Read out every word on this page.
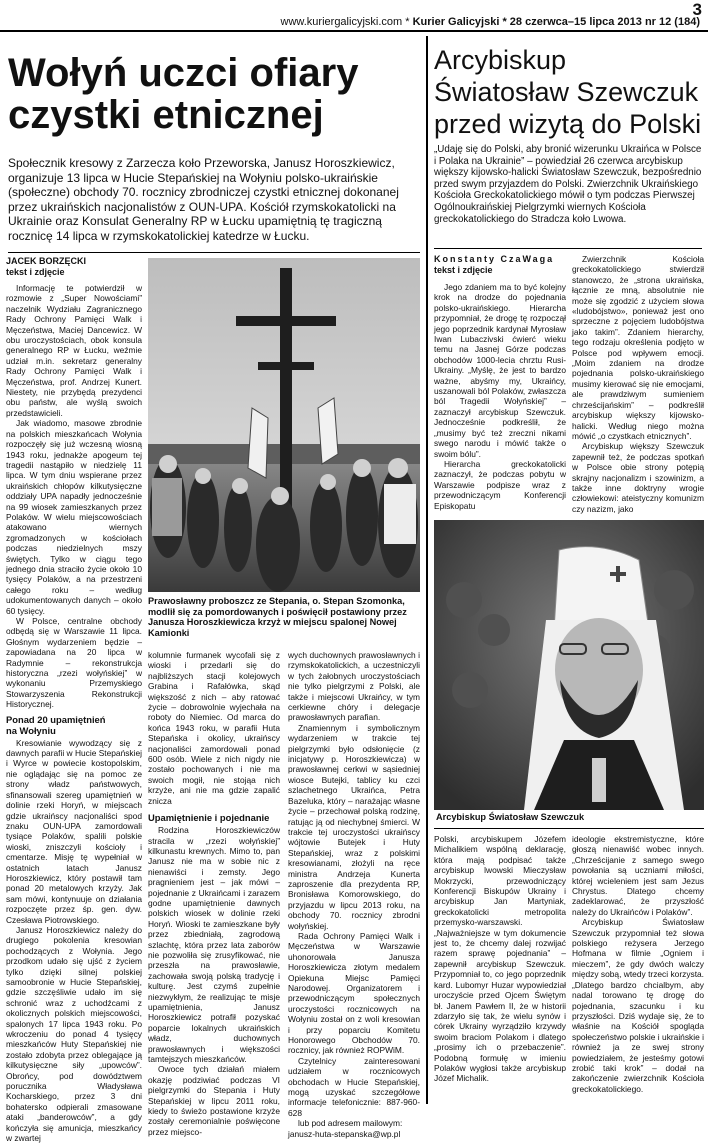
3
www.kuriergalicyjski.com * Kurier Galicyjski * 28 czerwca–15 lipca 2013 nr 12 (184)
Wołyń uczci ofiary
czystki etnicznej
Społecznik kresowy z Zarzecza koło Przeworska, Janusz Horoszkiewicz, organizuje 13 lipca w Hucie Stepańskiej na Wołyniu polsko-ukraińskie (społeczne) obchody 70. rocznicy zbrodniczej czystki etnicznej dokonanej przez ukraińskich nacjonalistów z OUN-UPA. Kościół rzymskokatolicki na Ukrainie oraz Konsulat Generalny RP w Łucku upamiętnią tę tragiczną rocznicę 14 lipca w rzymskokatolickiej katedrze w Łucku.
JACEK BORZĘCKI
tekst i zdjęcie

Informację te potwierdził w rozmowie z „Super Nowościami” naczelnik Wydziału Zagranicznego Rady Ochrony Pamięci Walk i Męczeństwa, Maciej Dancewicz. W obu uroczystościach, obok konsula generalnego RP w Łucku, weźmie udział m.in. sekretarz generalny Rady Ochrony Pamięci Walk i Męczeństwa, prof. Andrzej Kunert. Niestety, nie przybędą prezydenci obu państw, ale wyślą swoich przedstawicieli.

Jak wiadomo, masowe zbrodnie na polskich mieszkańcach Wołynia rozpoczęły się już wczesną wiosną 1943 roku, jednakże apogeum tej tragedii nastąpiło w niedzielę 11 lipca. W tym dniu wspierane przez ukraińskich chłopów kilkutysięczne oddziały UPA napadły jednocześnie na 99 wiosek zamieszkanych przez Polaków. W wielu miejscowościach atakowano wiernych zgromadzonych w kościołach podczas niedzielnych mszy świętych. Tylko w ciągu tego jednego dnia straciło życie około 10 tysięcy Polaków, a na przestrzeni całego roku – według udokumentowanych danych – około 60 tysięcy.

W Polsce, centralne obchody odbędą się w Warszawie 11 lipca. Głośnym wydarzeniem będzie – zapowiadana na 20 lipca w Radymnie – rekonstrukcja historyczna „rzezi wołyńskiej” w wykonaniu Przemyskiego Stowarzyszenia Rekonstrukcji Historycznej.

Ponad 20 upamiętnień
na Wołyniu

Kresowianie wywodzący się z dawnych parafii w Hucie Stepańskiej i Wyrce w powiecie kostopolskim, nie oglądając się na pomoc ze strony władz państwowych, sfinansowali szereg upamiętnień w dolinie rzeki Horyń, w miejscach gdzie ukraińscy nacjonaliści spod znaku OUN-UPA zamordowali tysiące Polaków, spalili polskie wioski, zniszczyli kościoły i cmentarze. Misję tę wypełniał w ostatnich latach Janusz Horoszkiewicz, który postawił tam ponad 20 metalowych krzyży. Jak sam mówi, kontynuuje on działania rozpoczęte przez śp. gen. dyw. Czesława Piotrowskiego.

Janusz Horoszkiewicz należy do drugiego pokolenia kresowian pochodzących z Wołynia. Jego przodkom udało się ujść z życiem tylko dzięki silnej polskiej samoobronie w Hucie Stepańskiej, gdzie szczęśliwie udało im się schronić wraz z uchodźcami z okolicznych polskich miejscowości, spalonych 17 lipca 1943 roku. Po wkroczeniu do ponad 4 tysięcy mieszkańców Huty Stepańskiej nie zostało zdobyta przez oblegające ją kilkutysięczne siły „upowców”. Obrońcy, pod dowództwem porucznika Władysława Kocharskiego, przez 3 dni bohatersko odpierali zmasowane ataki „banderowców”, a gdy kończyła się amunicja, mieszkańcy w zwartej

Prawosławny proboszcz ze Stepania, o. Stepan Szomonka, modlił się za pomordowanych i poświęcił postawiony przez Janusza Horoszkiewicza krzyż w miejscu spalonej Nowej Kamionki

kolumnie furmanek wycofali się z wioski i przedarli się do najbliższych stacji kolejowych Grabina i Rafałówka, skąd większość z nich – aby ratować życie – dobrowolnie wyjechała na roboty do Niemiec. Od marca do końca 1943 roku, w parafii Huta Stepańska i okolicy, ukraińscy nacjonaliści zamordowali ponad 600 osób. Wiele z nich nigdy nie zostało pochowanych i nie ma swoich mogił, nie stojąa nich krzyże, ani nie ma gdzie zapalić znicza

Upamiętnienie i pojednanie

Rodzina Horoszkiewiczów stracila w „rzezi wołyńskiej” kilkunastu krewnych. Mimo to, pan Janusz nie ma w sobie nic z nienawiści i zemsty. Jego pragnieniem jest – jak mówi – pojednanie z Ukraińcami i zarazem godne upamiętnienie dawnych polskich wiosek w dolinie rzeki Horyń. Wioski te zamieszkane były przez zbiedniałą, zagrodową szlachtę, która przez lata zaborów nie pozwoliła się zrusyfikować, nie przeszła na prawosławie, zachowała swoją polską tradycję i kulturę. Jest czymś zupełnie niezwykłym, że realizując te misje upamiętnienia, Janusz Horoszkiewicz potrafił pozyskać poparcie lokalnych ukraińskich władz, duchownych prawosławnych i większości tamtejszych mieszkańców.

Owoce tych działań miałem okazję podziwiać podczas VI pielgrzymki do Stepania i Huty Stepańskiej w lipcu 2011 roku, kiedy to świeżo postawione krzyże zostały ceremonialnie poświęcone przez miejsco-

wych duchownych prawosławnych i rzymskokatolickich, a uczestniczyli w tych żałobnych uroczystościach nie tylko pielgrzymi z Polski, ale także i miejscowi Ukraińcy, w tym cerkiewne chóry i delegacje prawosławnych parafian.

Znamiennym i symbolicznym wydarzeniem w trakcie tej pielgrzymki było odsłonięcie (z inicjatywy p. Horoszkiewicza) w prawosławnej cerkwi w sąsiedniej wiosce Butejki, tablicy ku czci szlachetnego Ukraińca, Petra Bazeluka, który – narażając własne życie – przechował polską rodzinę, ratując ją od niechybnej śmierci. W trakcie tej uroczystości ukraińscy wójtowie Butejek i Huty Stepańskiej, wraz z polskimi kresowianami, złożyli na ręce ministra Andrzeja Kunerta zaproszenie dla prezydenta RP, Bronisława Komorowskiego, do przyjazdu w lipcu 2013 roku, na obchody 70. rocznicy zbrodni wołyńskiej.

Rada Ochrony Pamięci Walk i Męczeństwa w Warszawie uhonorowała Janusza Horoszkiewicza złotym medalem Opiekuna Miejsc Pamięci Narodowej. Organizatorem i przewodniczącym społecznych uroczystości rocznicowych na Wołyniu został on z woli kresowian i przy poparciu Komitetu Honorowego Obchodów 70. rocznicy, jak również ROPWiM.

Czytelnicy zainteresowani udziałem w rocznicowych obchodach w Hucie Stepańskiej, mogą uzyskać szczegółowe informacje telefonicznie: 887-960-628

lub pod adresem mailowym:

janusz-huta-stepanska@wp.pl

Arcybiskup
Światosław Szewczuk
przed wizytą do Polski
„Udaję się do Polski, aby bronić wizerunku Ukraińca w Polsce i Polaka na Ukrainie” – powiedział 26 czerwca arcybiskup większy kijowsko-halicki Światosław Szewczuk, bezpośrednio przed swym przyjazdem do Polski. Zwierzchnik Ukraińskiego Kościoła Greckokatolickiego mówił o tym podczas Pierwszej Ogólnoukraińskiej Pielgrzymki wiernych Kościoła greckokatolickiego do Stradcza koło Lwowa.
Konstanty CzaWaga
tekst i zdjęcie

Jego zdaniem ma to być kolejny krok na drodze do pojednania polsko-ukraińskiego. Hierarcha przypomniał, że drogę tę rozpoczął jego poprzednik kardynał Myrosław Iwan Lubaczivski ćwierć wieku temu na Jasnej Górze podczas obchodów 1000-lecia chrztu Rusi-Ukrainy. „Myślę, że jest to bardzo ważne, abyśmy my, Ukraińcy, uszanowali ból Polaków, zwłaszcza ból Tragedii Wołyńskiej” – zaznaczył arcybiskup Szewczuk. Jednocześnie podkreślił, że „musimy być też zreczni nikami swego narodu i mówić także o swoim bólu”.

Hierarcha greckokatolicki zaznaczył, że podczas pobytu w Warszawie podpisze wraz z przewodniczącym Konferencji Episkopatu

Zwierzchnik Kościoła greckokatolickiego stwierdził stanowczo, że „strona ukraińska, łącznie ze mną, absolutnie nie może się zgodzić z użyciem słowa «ludobójstwo», ponieważ jest ono sprzeczne z pojęciem ludobójstwa jako takim”. Zdaniem hierarchy, tego rodzaju określenia podjęto w Polsce pod wpływem emocji. „Moim zdaniem na drodze pojednania polsko-ukraińskiego musimy kierować się nie emocjami, ale prawdziwym sumieniem chrześcijańskim” – podkreślił arcybiskup większy kijowsko-halicki. Według niego można mówić „o czystkach etnicznych”.

Arcybiskup większy Szewczuk zapewnił też, że podczas spotkań w Polsce obie strony potępią skrajny nacjonalizm i szowinizm, a także inne doktryny wrogie człowiekowi: ateistyczny komunizm czy nazizm, jako

Arcybiskup Światosław Szewczuk

Polski, arcybiskupem Józefem Michalikiem wspólną deklarację, która mają podpisać także arcybiskup lwowski Mieczysław Mokrzycki, przewodniczący Konferencji Biskupów Ukrainy i arcybiskup Jan Martyniak, greckokatolicki metropolita przemysko-warszawski. „Najważniejsze w tym dokumencie jest to, że chcemy dalej rozwijać razem sprawę pojednania” – zapewnił arcybiskup Szewczuk. Przypomniał to, co jego poprzednik kard. Lubomyr Huzar wypowiedział uroczyście przed Ojcem Świętym bł. Janem Pawłem II, że w historii zdarzyło się tak, że wielu synów i córek Ukrainy wyrządziło krzywdy swoim braciom Polakom i dlatego „prosimy ich o przebaczenie”. Podobną formułę w imieniu Polaków wygłosi także arcybiskup Józef Michalik.

ideologie ekstremistyczne, które głoszą nienawiść wobec innych. „Chrześcijanie z samego swego powołania są uczniami miłości, której wcieleniem jest sam Jezus Chrystus. Dlatego chcemy zadeklarować, że przyszłość należy do Ukraińców i Polaków”.

Arcybiskup Światosław Szewczuk przypomniał też słowa polskiego reżysera Jerzego Hofmana w filmie „Ogniem i mieczem”, że gdy dwóch walczy między sobą, wtedy trzeci korzysta. „Dlatego bardzo chcialbym, aby nadal torowano tę drogę do pojednania, szacunku i ku przyszłości. Dziś wydaje się, że to właśnie na Kościół spogląda społeczeństwo polskie i ukraińskie i również ja ze swej strony powiedziałem, że jesteśmy gotowi zrobić taki krok” – dodał na zakończenie zwierzchnik Kościoła greckokatolickiego.
